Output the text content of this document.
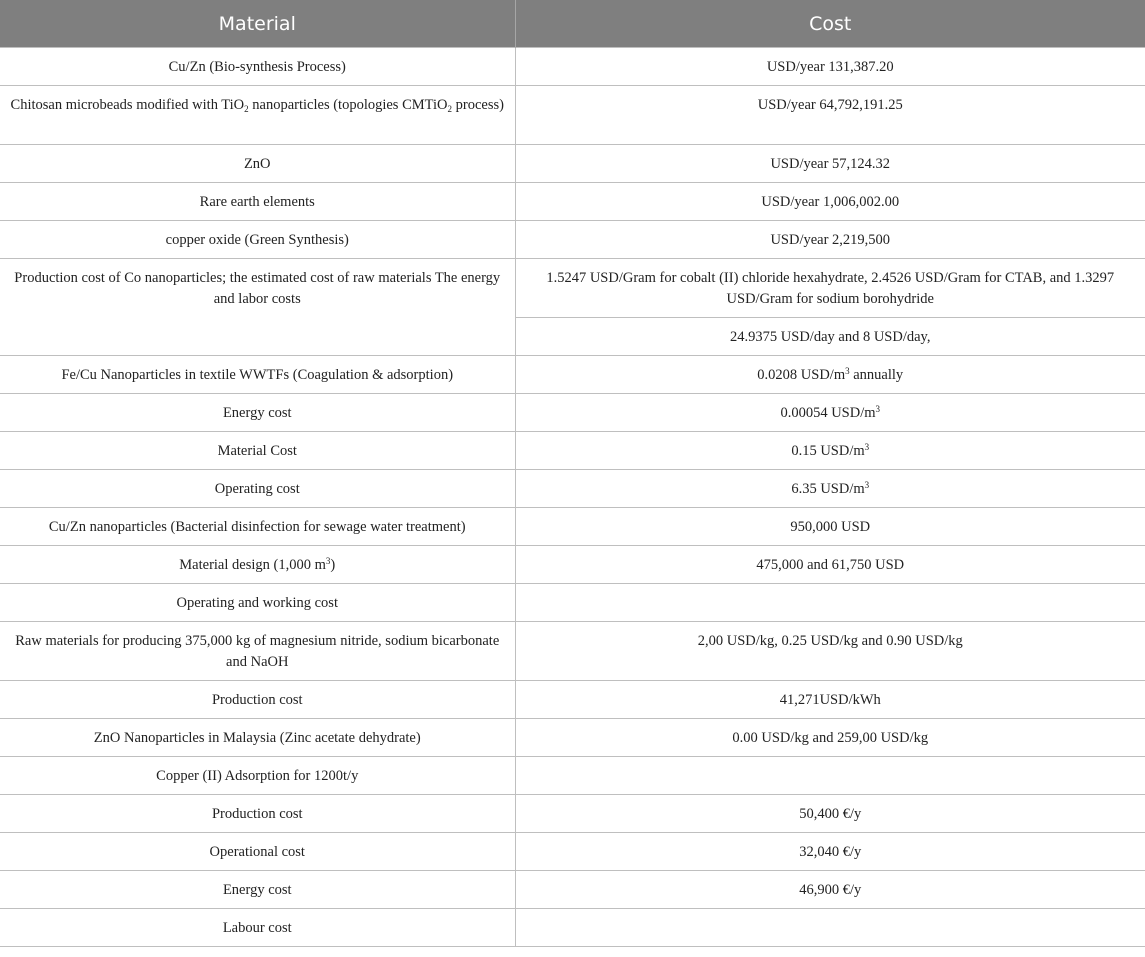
Material	Cost
Cu/Zn (Bio-synthesis Process)	USD/year 131,387.20
Chitosan microbeads modified with TiO$_2$ nanoparticles (topologies CMTiO$_2$ process)	USD/year 64,792,191.25
ZnO	USD/year 57,124.32
Rare earth elements	USD/year 1,006,002.00
copper oxide (Green Synthesis)	USD/year 2,219,500
Production cost of Co nanoparticles; the estimated cost of raw materials The energy and labor costs	1.5247 USD/Gram for cobalt (II) chloride hexahydrate, 2.4526 USD/Gram for CTAB, and 1.3297 USD/Gram for sodium borohydride
	24.9375 USD/day and 8 USD/day,
Fe/Cu Nanoparticles in textile WWTFs (Coagulation & adsorption)	0.0208 USD/$m^3$ annually
Energy cost	0.00054 USD/$m^3$
Material Cost	0.15 USD/$m^3$
Operating cost	6.35 USD/$m^3$
Cu/Zn nanoparticles (Bacterial disinfection for sewage water treatment)	950,000 USD
Material design (1,000 $m^3$)	475,000 and 61,750 USD
Operating and working cost	
Raw materials for producing 375,000 kg of magnesium nitride, sodium bicarbonate and NaOH	2,00 USD/kg, 0.25 USD/kg and 0.90 USD/kg
Production cost	41,271USD/kWh
ZnO Nanoparticles in Malaysia (Zinc acetate dehydrate)	0.00 USD/kg and 259,00 USD/kg
Copper (II) Adsorption for 1200t/y	
Production cost	50,400 €/y
Operational cost	32,040 €/y
Energy cost	46,900 €/y
Labour cost	
